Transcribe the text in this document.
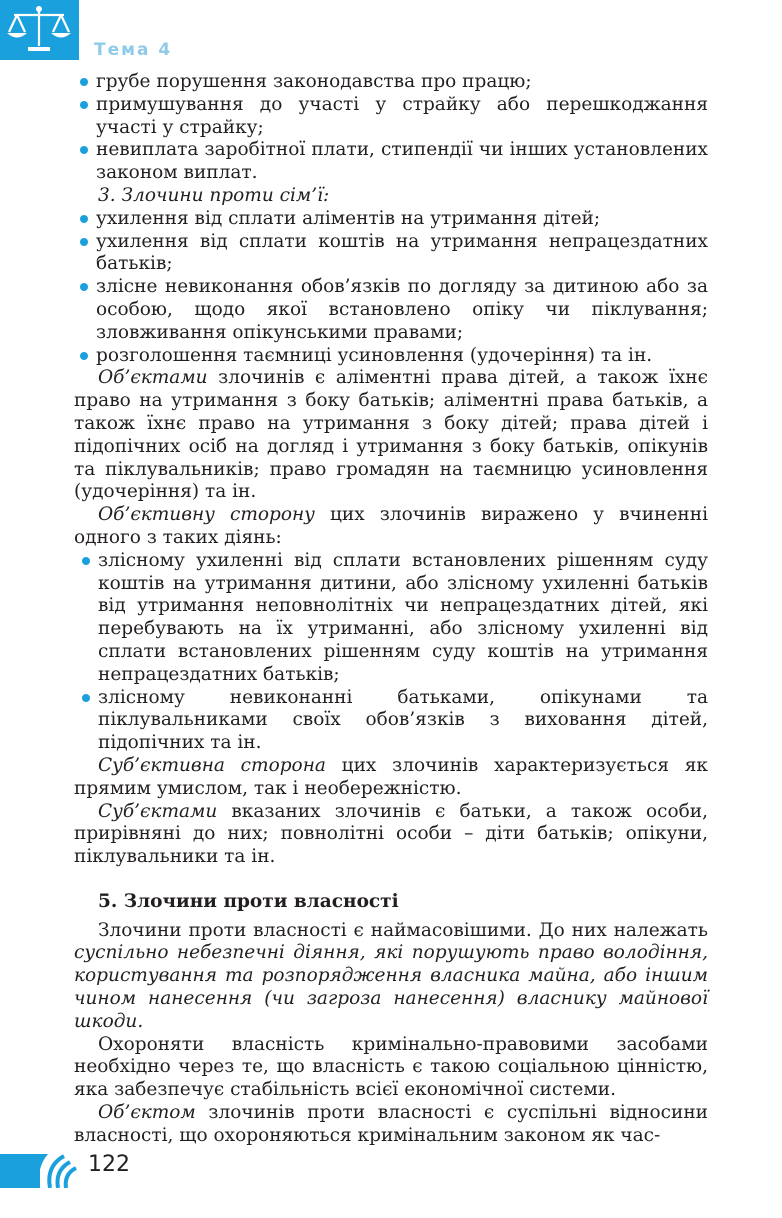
Тема 4
грубе порушення законодавства про працю;
примушування до участі у страйку або перешкоджання участі у страйку;
невиплата заробітної плати, стипендії чи інших установлених законом виплат.
3. Злочини проти сім’ї:
ухилення від сплати аліментів на утримання дітей;
ухилення від сплати коштів на утримання непрацездатних батьків;
злісне невиконання обов’язків по догляду за дитиною або за особою, щодо якої встановлено опіку чи піклування; зловживання опікунськими правами;
розголошення таємниці усиновлення (удочеріння) та ін.
Об’єктами злочинів є аліментні права дітей, а також їхнє право на утримання з боку батьків; аліментні права батьків, а також їхнє право на утримання з боку дітей; права дітей і підопічних осіб на догляд і утримання з боку батьків, опікунів та піклувальників; право громадян на таємницю усиновлення (удочеріння) та ін.
Об’єктивну сторону цих злочинів виражено у вчиненні одного з таких діянь:
злісному ухиленні від сплати встановлених рішенням суду коштів на утримання дитини, або злісному ухиленні батьків від утримання неповнолітніх чи непрацездатних дітей, які перебувають на їх утриманні, або злісному ухиленні від сплати встановлених рішенням суду коштів на утримання непрацездатних батьків;
злісному невиконанні батьками, опікунами та піклувальниками своїх обов’язків з виховання дітей, підопічних та ін.
Суб’єктивна сторона цих злочинів характеризується як прямим умислом, так і необережністю.
Суб’єктами вказаних злочинів є батьки, а також особи, прирівняні до них; повнолітні особи – діти батьків; опікуни, піклувальники та ін.
5. Злочини проти власності
Злочини проти власності є наймасовішими. До них належать суспільно небезпечні діяння, які порушують право володіння, користування та розпорядження власника майна, або іншим чином нанесення (чи загроза нанесення) власнику майнової шкоди.
Охороняти власність кримінально-правовими засобами необхідно через те, що власність є такою соціальною цінністю, яка забезпечує стабільність всієї економічної системи.
Об’єктом злочинів проти власності є суспільні відносини власності, що охороняються кримінальним законом як час-
122
